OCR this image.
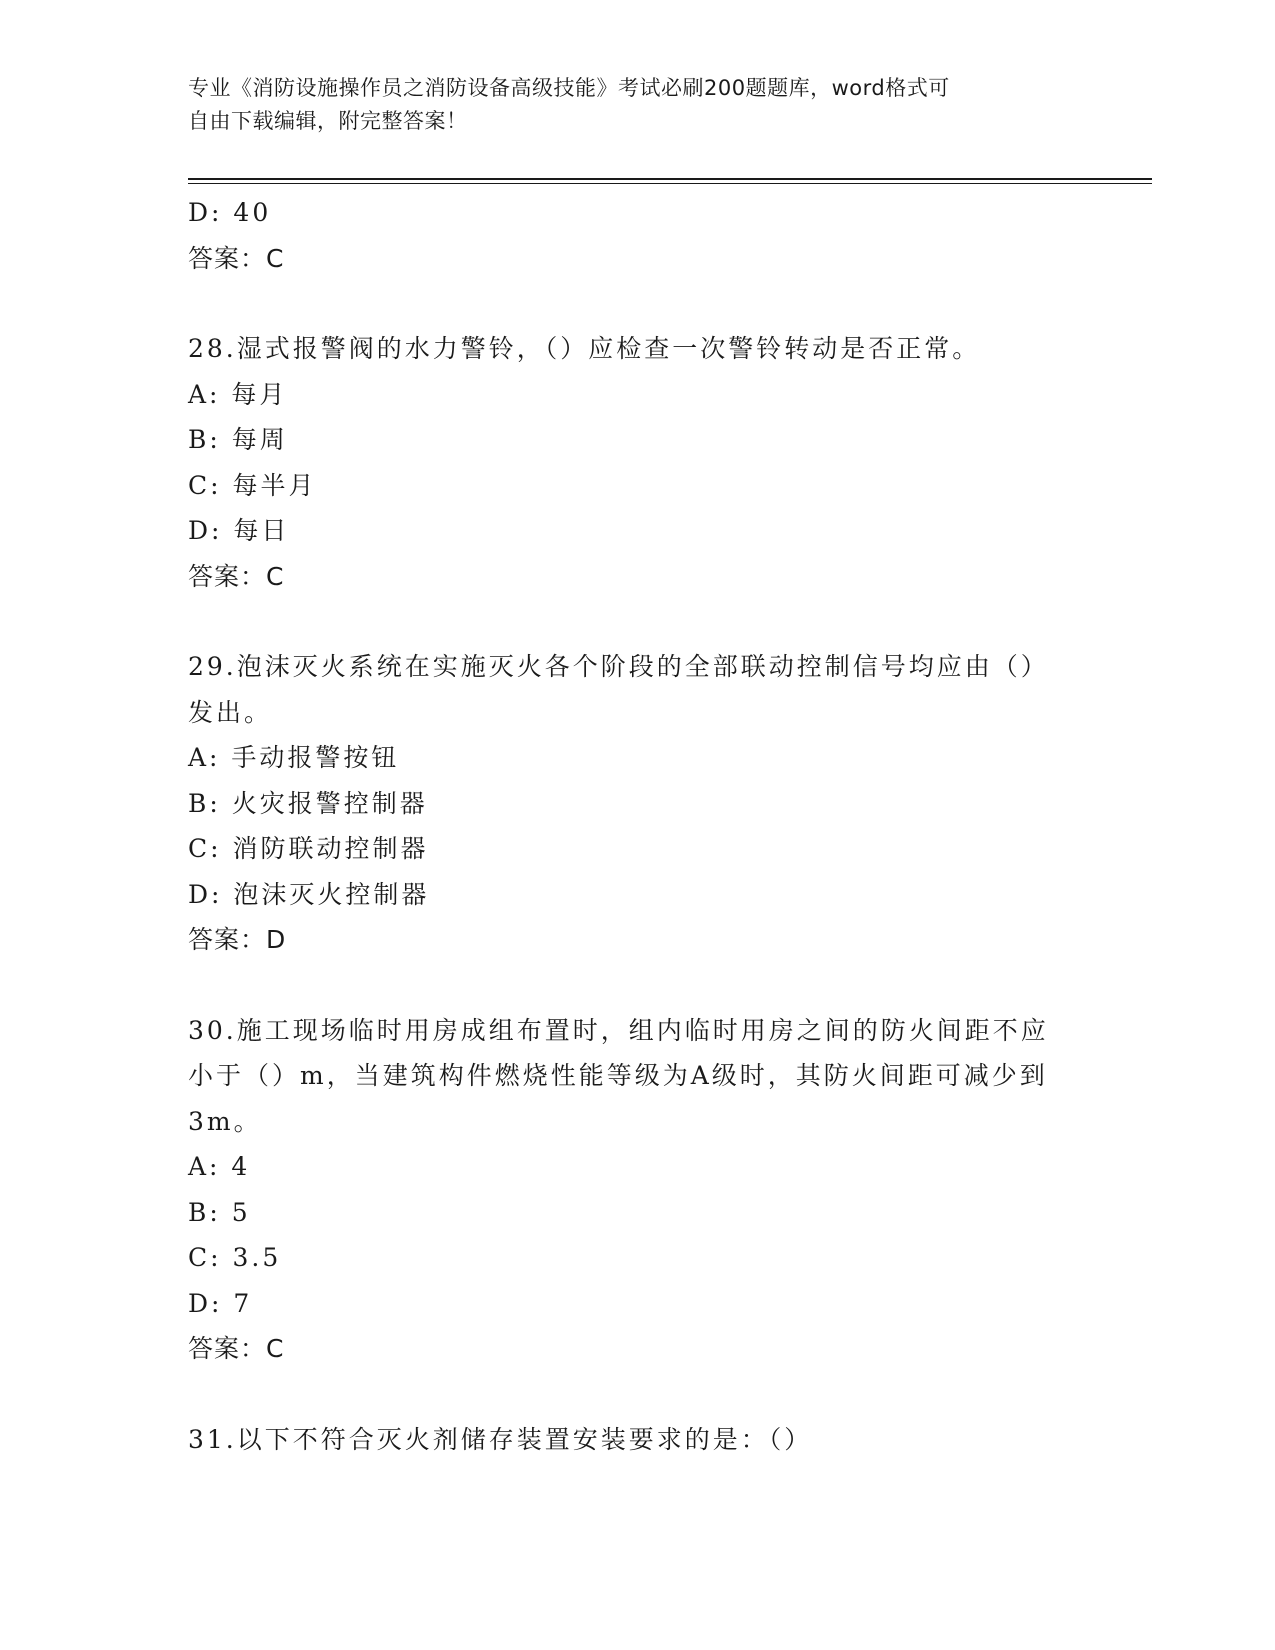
专业《消防设施操作员之消防设备高级技能》考试必刷200题题库，word格式可
自由下载编辑，附完整答案！
D: 40
答案：C
28.湿式报警阀的水力警铃，（）应检查一次警铃转动是否正常。
A: 每月
B: 每周
C: 每半月
D: 每日
答案：C
29.泡沫灭火系统在实施灭火各个阶段的全部联动控制信号均应由（）
发出。
A: 手动报警按钮
B: 火灾报警控制器
C: 消防联动控制器
D: 泡沫灭火控制器
答案：D
30.施工现场临时用房成组布置时，组内临时用房之间的防火间距不应
小于（）m，当建筑构件燃烧性能等级为A级时，其防火间距可减少到
3m。
A: 4
B: 5
C: 3.5
D: 7
答案：C
31.以下不符合灭火剂储存装置安装要求的是：（）
